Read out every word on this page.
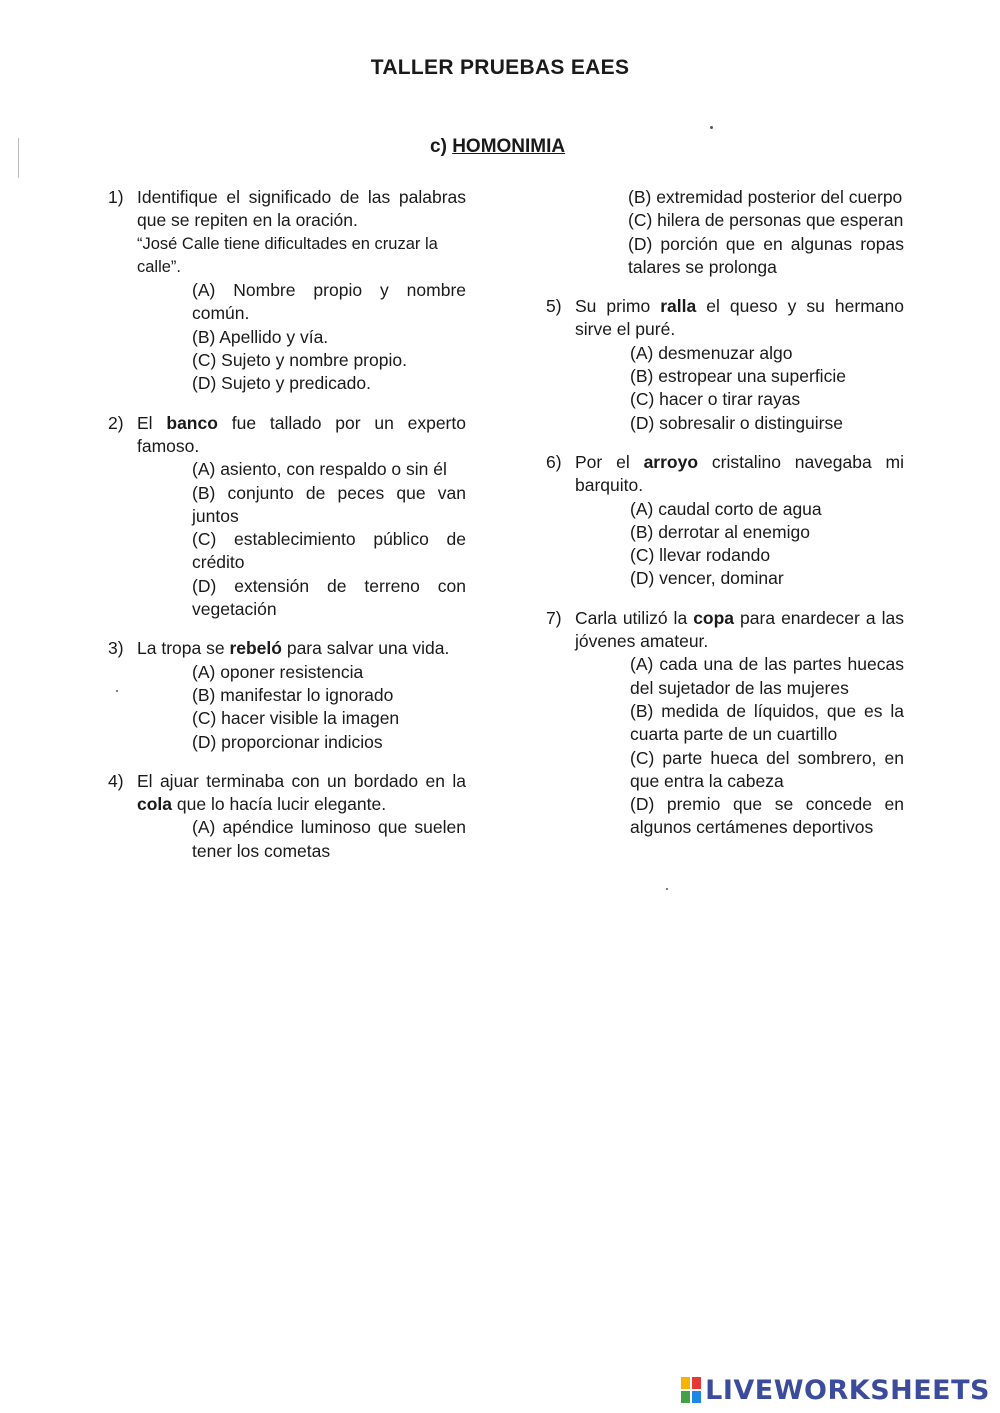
TALLER PRUEBAS EAES
c) HOMONIMIA
1) Identifique el significado de las palabras que se repiten en la oración.
“José Calle tiene dificultades en cruzar la calle”.
(A) Nombre propio y nombre común.
(B) Apellido y vía.
(C) Sujeto y nombre propio.
(D) Sujeto y predicado.
2) El banco fue tallado por un experto famoso.
(A) asiento, con respaldo o sin él
(B) conjunto de peces que van juntos
(C) establecimiento público de crédito
(D) extensión de terreno con vegetación
3) La tropa se rebeló para salvar una vida.
(A) oponer resistencia
(B) manifestar lo ignorado
(C) hacer visible la imagen
(D) proporcionar indicios
4) El ajuar terminaba con un bordado en la cola que lo hacía lucir elegante.
(A) apéndice luminoso que suelen tener los cometas
(B) extremidad posterior del cuerpo
(C) hilera de personas que esperan
(D) porción que en algunas ropas talares se prolonga
5) Su primo ralla el queso y su hermano sirve el puré.
(A) desmenuzar algo
(B) estropear una superficie
(C) hacer o tirar rayas
(D) sobresalir o distinguirse
6) Por el arroyo cristalino navegaba mi barquito.
(A) caudal corto de agua
(B) derrotar al enemigo
(C) llevar rodando
(D) vencer, dominar
7) Carla utilizó la copa para enardecer a las jóvenes amateur.
(A) cada una de las partes huecas del sujetador de las mujeres
(B) medida de líquidos, que es la cuarta parte de un cuartillo
(C) parte hueca del sombrero, en que entra la cabeza
(D) premio que se concede en algunos certámenes deportivos
LIVEWORKSHEETS
